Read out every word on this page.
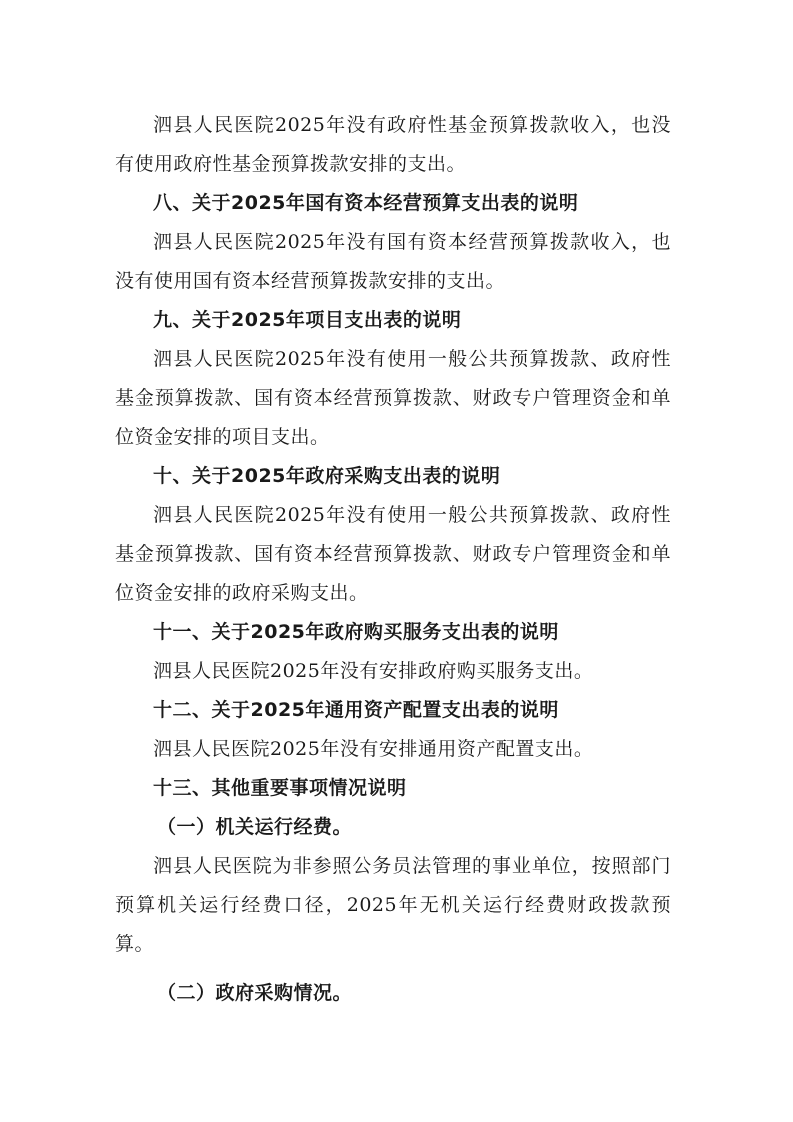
泗县人民医院2025年没有政府性基金预算拨款收入，也没有使用政府性基金预算拨款安排的支出。

八、关于2025年国有资本经营预算支出表的说明

泗县人民医院2025年没有国有资本经营预算拨款收入，也没有使用国有资本经营预算拨款安排的支出。

九、关于2025年项目支出表的说明

泗县人民医院2025年没有使用一般公共预算拨款、政府性基金预算拨款、国有资本经营预算拨款、财政专户管理资金和单位资金安排的项目支出。

十、关于2025年政府采购支出表的说明

泗县人民医院2025年没有使用一般公共预算拨款、政府性基金预算拨款、国有资本经营预算拨款、财政专户管理资金和单位资金安排的政府采购支出。

十一、关于2025年政府购买服务支出表的说明

泗县人民医院2025年没有安排政府购买服务支出。

十二、关于2025年通用资产配置支出表的说明

泗县人民医院2025年没有安排通用资产配置支出。

十三、其他重要事项情况说明

（一）机关运行经费。

泗县人民医院为非参照公务员法管理的事业单位，按照部门预算机关运行经费口径，2025年无机关运行经费财政拨款预算。

（二）政府采购情况。
